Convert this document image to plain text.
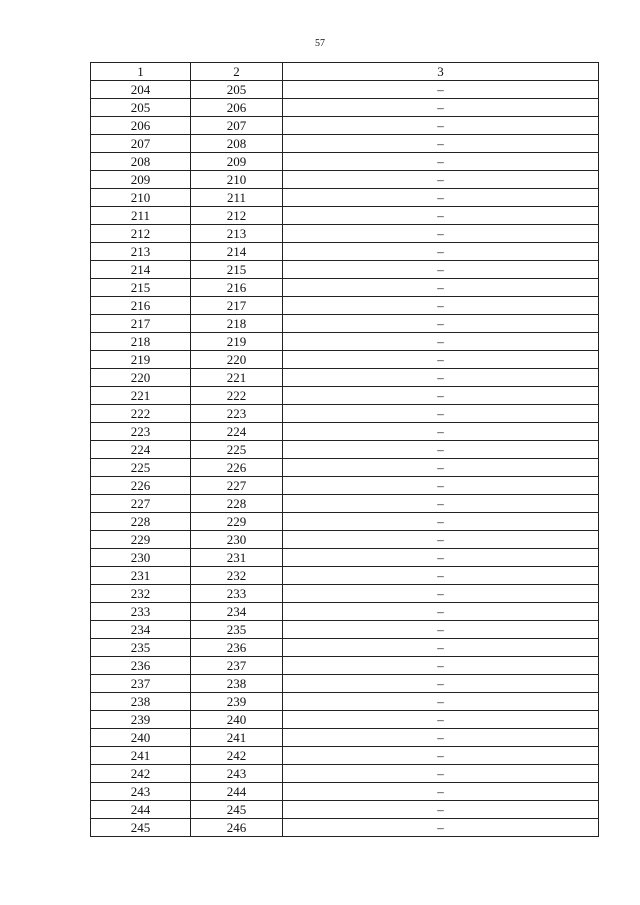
57
1	2	3
204	205	–
205	206	–
206	207	–
207	208	–
208	209	–
209	210	–
210	211	–
211	212	–
212	213	–
213	214	–
214	215	–
215	216	–
216	217	–
217	218	–
218	219	–
219	220	–
220	221	–
221	222	–
222	223	–
223	224	–
224	225	–
225	226	–
226	227	–
227	228	–
228	229	–
229	230	–
230	231	–
231	232	–
232	233	–
233	234	–
234	235	–
235	236	–
236	237	–
237	238	–
238	239	–
239	240	–
240	241	–
241	242	–
242	243	–
243	244	–
244	245	–
245	246	–
